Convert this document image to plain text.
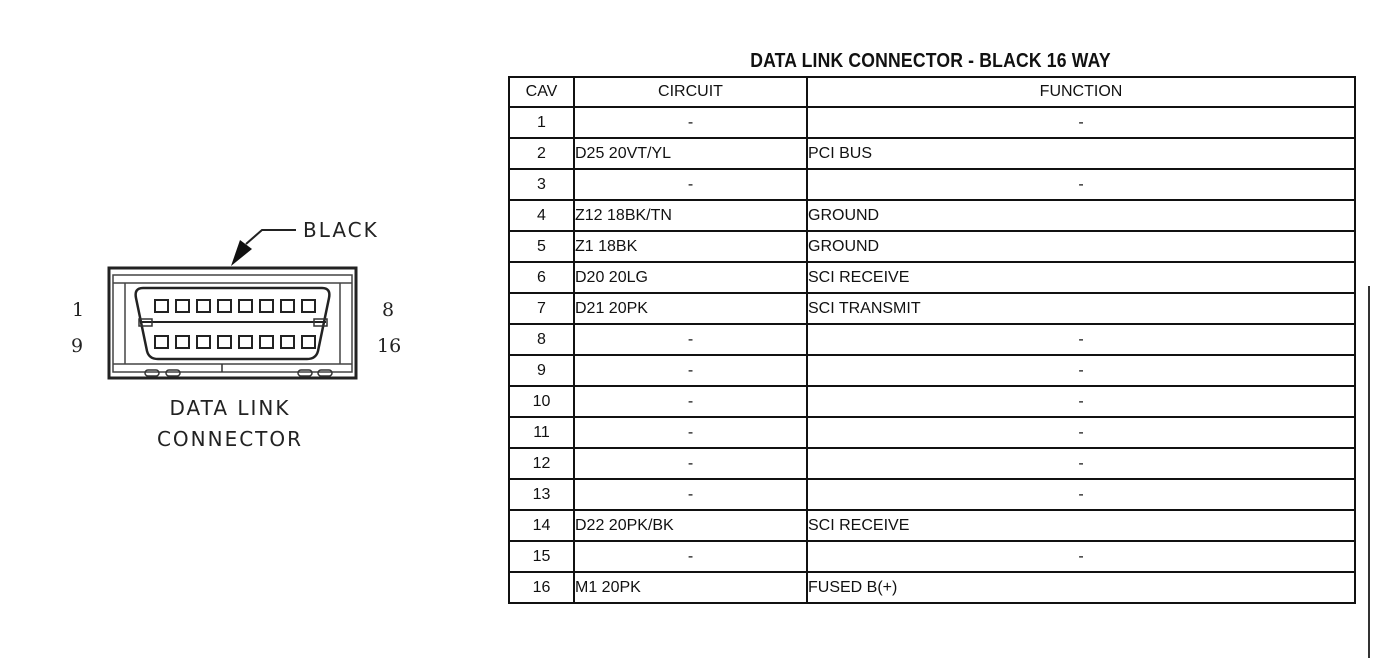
BLACK
1	8
9	16
DATA LINK
CONNECTOR
DATA LINK CONNECTOR - BLACK 16 WAY
CAV	CIRCUIT	FUNCTION
1	-	-
2	D25 20VT/YL	PCI BUS
3	-	-
4	Z12 18BK/TN	GROUND
5	Z1 18BK	GROUND
6	D20 20LG	SCI RECEIVE
7	D21 20PK	SCI TRANSMIT
8	-	-
9	-	-
10	-	-
11	-	-
12	-	-
13	-	-
14	D22 20PK/BK	SCI RECEIVE
15	-	-
16	M1 20PK	FUSED B(+)
